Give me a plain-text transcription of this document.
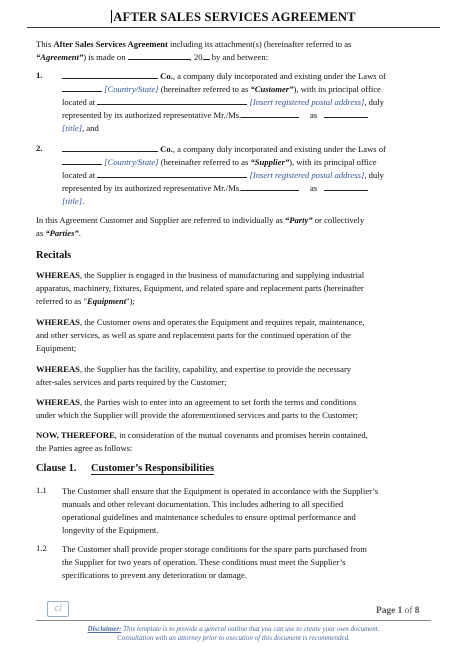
AFTER SALES SERVICES AGREEMENT
This After Sales Services Agreement including its attachment(s) (hereinafter referred to as
“Agreement”) is made on	, 20 by and between:
1.	Co., a company duly incorporated and existing under the Laws of
[Country/State] (hereinafter referred to as “Customer”), with its principal office
located at	[Insert registered postal address], duly
represented by its authorized representative Mr./Ms.	as
[title], and
2.	Co., a company duly incorporated and existing under the Laws of
[Country/State] (hereinafter referred to as “Supplier”), with its principal office
located at	[Insert registered postal address], duly
represented by its authorized representative Mr./Ms.	as
[title].
In this Agreement Customer and Supplier are referred to individually as “Party” or collectively
as “Parties”.
Recitals
WHEREAS, the Supplier is engaged in the business of manufacturing and supplying industrial
apparatus, machinery, fixtures, Equipment, and related spare and replacement parts (hereinafter
referred to as "Equipment");
WHEREAS, the Customer owns and operates the Equipment and requires repair, maintenance,
and other services, as well as spare and replacement parts for the continued operation of the
Equipment;
WHEREAS, the Supplier has the facility, capability, and expertise to provide the necessary
after-sales services and parts required by the Customer;
WHEREAS, the Parties wish to enter into an agreement to set forth the terms and conditions
under which the Supplier will provide the aforementioned services and parts to the Customer;
NOW, THEREFORE, in consideration of the mutual covenants and promises herein contained,
the Parties agree as follows:
Clause 1. Customer’s Responsibilities
1.1 The Customer shall ensure that the Equipment is operated in accordance with the Supplier’s
manuals and other relevant documentation. This includes adhering to all specified
operational guidelines and maintenance schedules to ensure optimal performance and
longevity of the Equipment.
1.2 The Customer shall provide proper storage conditions for the spare parts purchased from
the Supplier for two years of operation. These conditions must meet the Supplier’s
specifications to prevent any deterioration or damage.
cl	Page 1 of 8
Disclaimer: This template is to provide a general outline that you can use to create your own document.
Consultation with an attorney prior to execution of this document is recommended.
